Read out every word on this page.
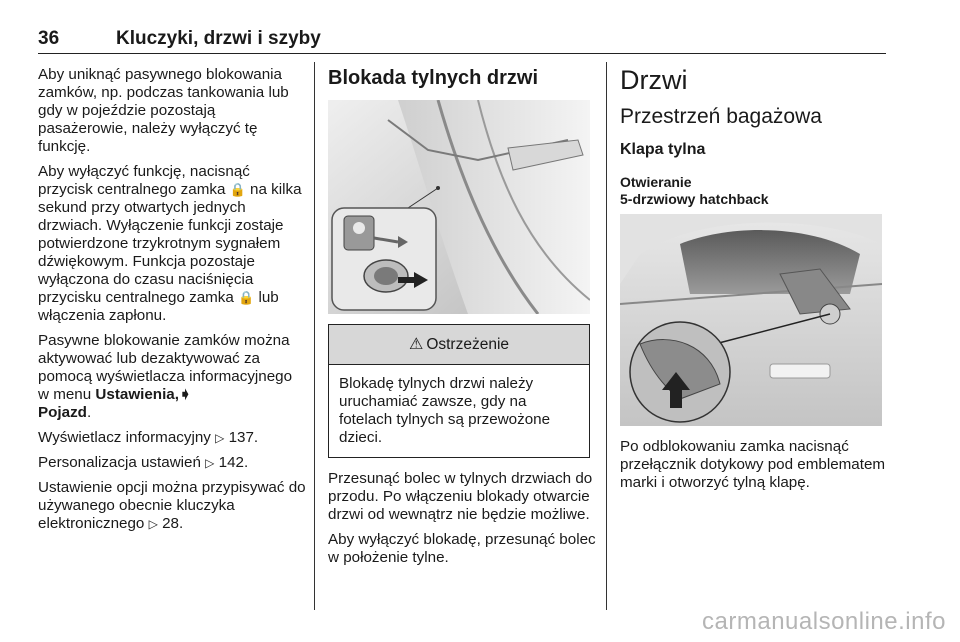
36	Kluczyki, drzwi i szyby

Aby uniknąć pasywnego blokowania zamków, np. podczas tankowania lub gdy w pojeździe pozostają pasażerowie, należy wyłączyć tę funkcję.

Aby wyłączyć funkcję, nacisnąć przycisk centralnego zamka 🔒 na kilka sekund przy otwartych jednych drzwiach. Wyłączenie funkcji zostaje potwierdzone trzykrotnym sygnałem dźwiękowym. Funkcja pozostaje wyłączona do czasu naciśnięcia przycisku centralnego zamka 🔒 lub włączenia zapłonu.

Pasywne blokowanie zamków można aktywować lub dezaktywować za pomocą wyświetlacza informacyjnego w menu Ustawienia,➧
Pojazd.

Wyświetlacz informacyjny ▷ 137.

Personalizacja ustawień ▷ 142.

Ustawienie opcji można przypisywać do używanego obecnie kluczyka elektronicznego ▷ 28.

Blokada tylnych drzwi
⚠ Ostrzeżenie
Blokadę tylnych drzwi należy uruchamiać zawsze, gdy na fotelach tylnych są przewożone dzieci.

Przesunąć bolec w tylnych drzwiach do przodu. Po włączeniu blokady otwarcie drzwi od wewnątrz nie będzie możliwe.

Aby wyłączyć blokadę, przesunąć bolec w położenie tylne.

Drzwi
Przestrzeń bagażowa
Klapa tylna
Otwieranie
5-drzwiowy hatchback

Po odblokowaniu zamka nacisnąć przełącznik dotykowy pod emblematem marki i otworzyć tylną klapę.

carmanualsonline.info
